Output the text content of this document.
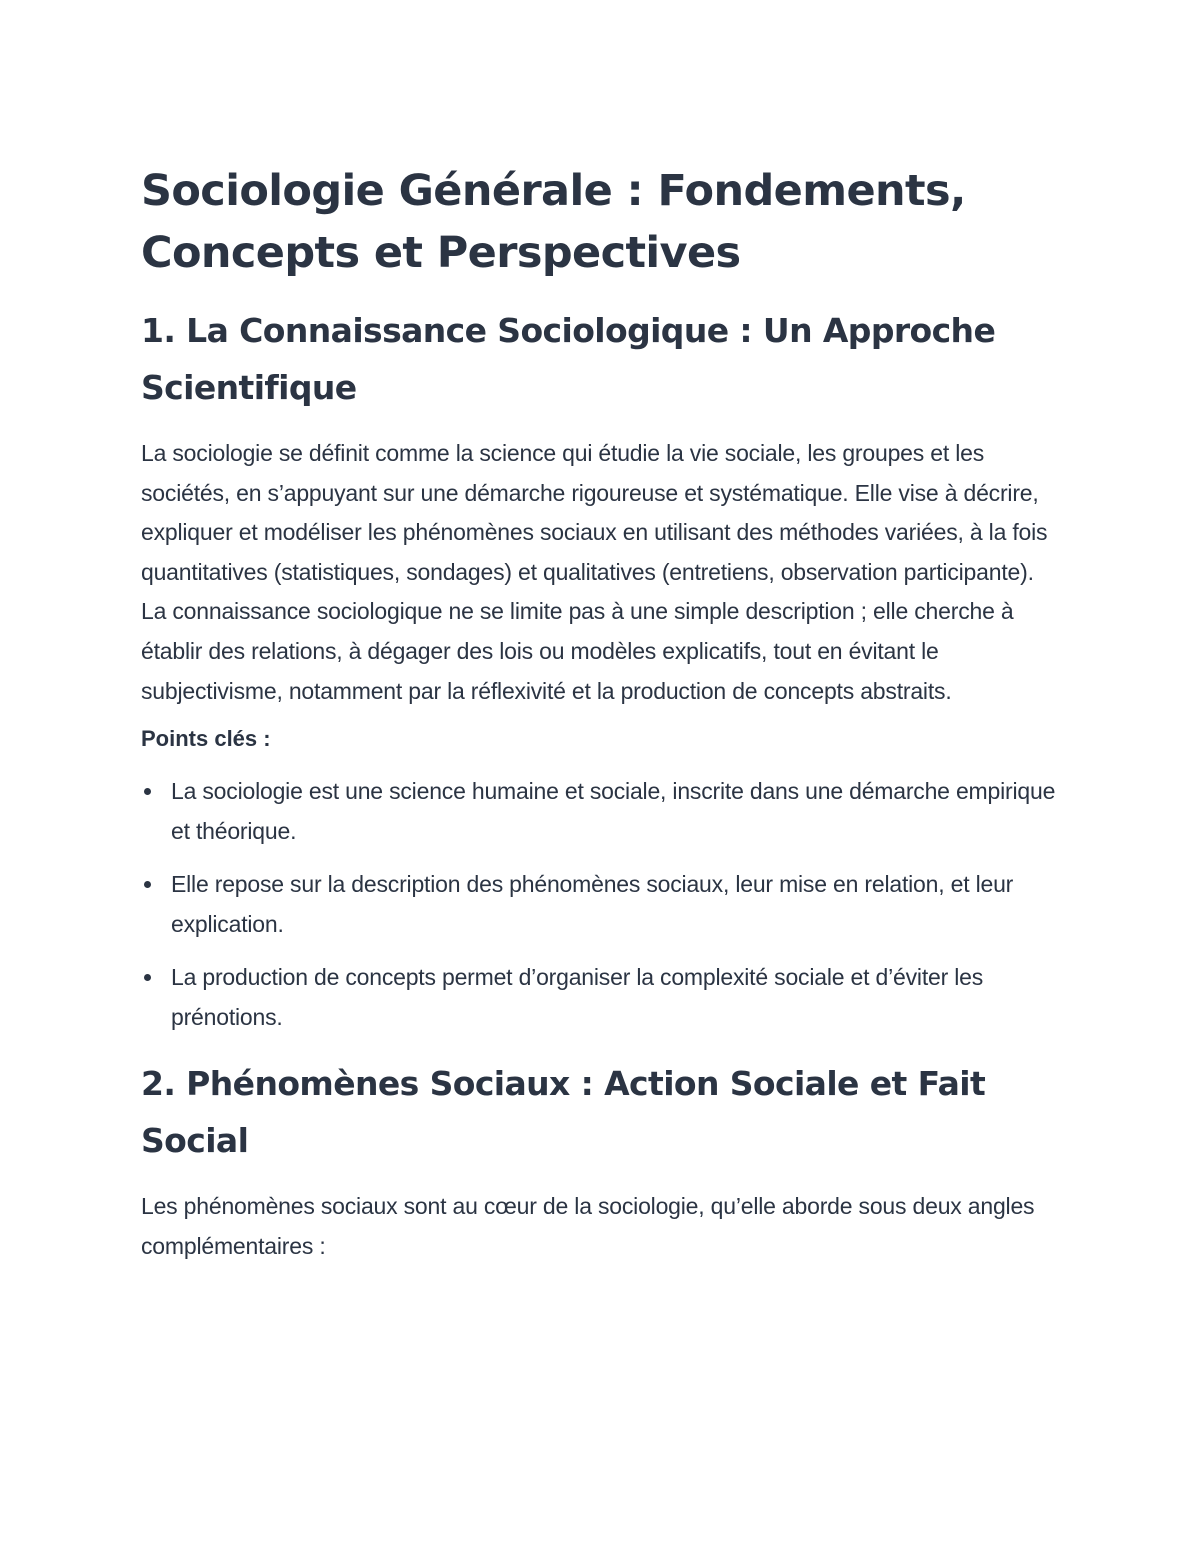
Sociologie Générale : Fondements, Concepts et Perspectives
1. La Connaissance Sociologique : Un Approche Scientifique

La sociologie se définit comme la science qui étudie la vie sociale, les groupes et les sociétés, en s’appuyant sur une démarche rigoureuse et systématique. Elle vise à décrire, expliquer et modéliser les phénomènes sociaux en utilisant des méthodes variées, à la fois quantitatives (statistiques, sondages) et qualitatives (entretiens, observation participante). La connaissance sociologique ne se limite pas à une simple description ; elle cherche à établir des relations, à dégager des lois ou modèles explicatifs, tout en évitant le subjectivisme, notamment par la réflexivité et la production de concepts abstraits.

Points clés :
La sociologie est une science humaine et sociale, inscrite dans une démarche empirique et théorique.
Elle repose sur la description des phénomènes sociaux, leur mise en relation, et leur explication.
La production de concepts permet d’organiser la complexité sociale et d’éviter les prénotions.
2. Phénomènes Sociaux : Action Sociale et Fait Social

Les phénomènes sociaux sont au cœur de la sociologie, qu’elle aborde sous deux angles complémentaires :
